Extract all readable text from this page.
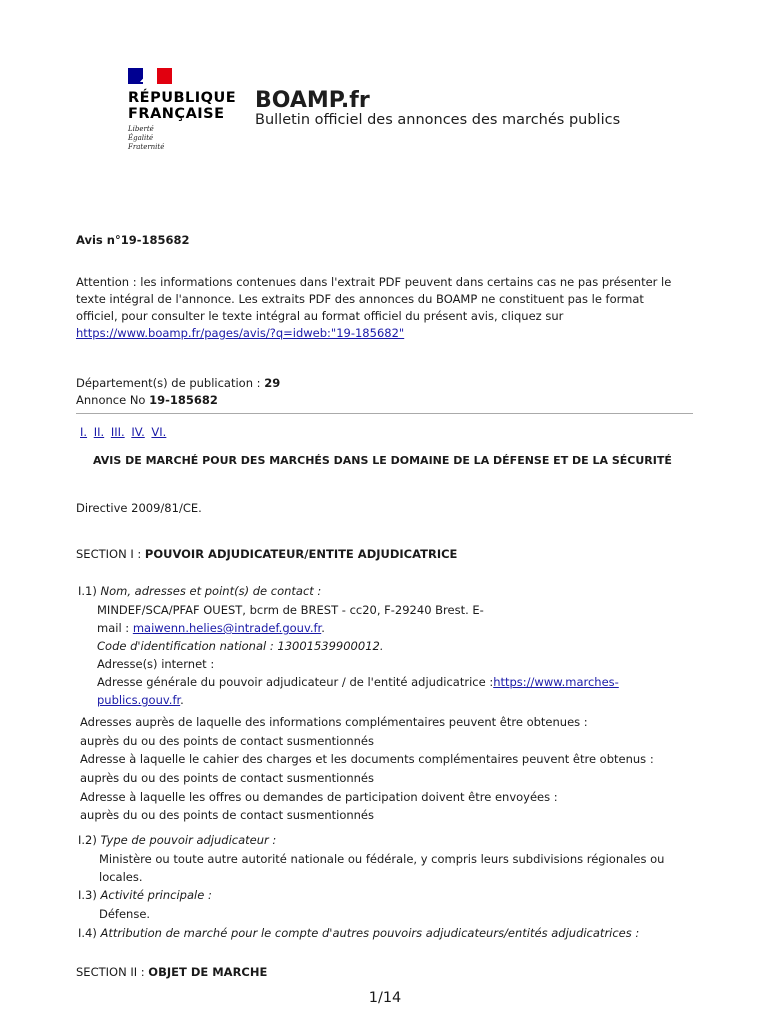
RÉPUBLIQUE
FRANÇAISE
Liberté
Égalité
Fraternité
BOAMP.fr
Bulletin officiel des annonces des marchés publics
Avis n°19-185682
Attention : les informations contenues dans l'extrait PDF peuvent dans certains cas ne pas présenter le
texte intégral de l'annonce. Les extraits PDF des annonces du BOAMP ne constituent pas le format
officiel, pour consulter le texte intégral au format officiel du présent avis, cliquez sur
https://www.boamp.fr/pages/avis/?q=idweb:"19-185682"
Département(s) de publication : 29
Annonce No 19-185682
I. II. III. IV. VI.
AVIS DE MARCHÉ POUR DES MARCHÉS DANS LE DOMAINE DE LA DÉFENSE ET DE LA SÉCURITÉ
Directive 2009/81/CE.
SECTION I : POUVOIR ADJUDICATEUR/ENTITE ADJUDICATRICE
I.1) Nom, adresses et point(s) de contact :
MINDEF/SCA/PFAF OUEST, bcrm de BREST - cc20, F-29240 Brest. E-
mail : maiwenn.helies@intradef.gouv.fr.
Code d'identification national : 13001539900012.
Adresse(s) internet :
Adresse générale du pouvoir adjudicateur / de l'entité adjudicatrice :https://www.marches-
publics.gouv.fr.
Adresses auprès de laquelle des informations complémentaires peuvent être obtenues :
auprès du ou des points de contact susmentionnés
Adresse à laquelle le cahier des charges et les documents complémentaires peuvent être obtenus :
auprès du ou des points de contact susmentionnés
Adresse à laquelle les offres ou demandes de participation doivent être envoyées :
auprès du ou des points de contact susmentionnés
I.2) Type de pouvoir adjudicateur :
Ministère ou toute autre autorité nationale ou fédérale, y compris leurs subdivisions régionales ou
locales.
I.3) Activité principale :
Défense.
I.4) Attribution de marché pour le compte d'autres pouvoirs adjudicateurs/entités adjudicatrices :
SECTION II : OBJET DE MARCHE
1/14
